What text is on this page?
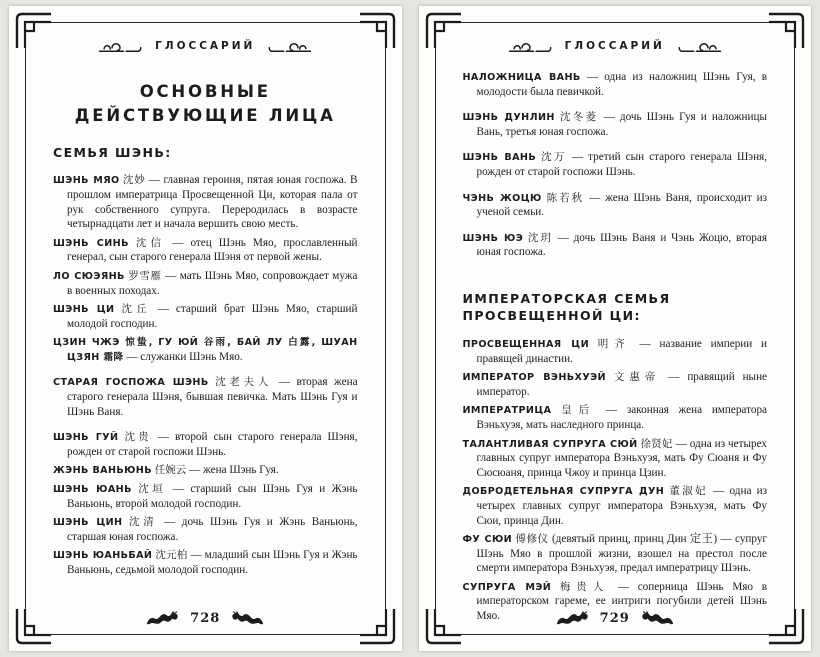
ГЛОССАРИЙ
ОСНОВНЫЕ
ДЕЙСТВУЮЩИЕ ЛИЦА
СЕМЬЯ ШЭНЬ:

ШЭНЬ МЯО 沈妙 — главная героиня, пятая юная госпожа. В прошлом императрица Просвещенной Ци, которая пала от рук собственного супруга. Переродилась в возрасте четырнадцати лет и начала вершить свою месть.

ШЭНЬ СИНЬ 沈信 — отец Шэнь Мяо, прославленный генерал, сын старого генерала Шэня от первой жены.

ЛО СЮЭЯНЬ 罗雪雁 — мать Шэнь Мяо, сопровождает мужа в военных походах.

ШЭНЬ ЦИ 沈丘 — старший брат Шэнь Мяо, старший молодой господин.

ЦЗИН ЧЖЭ 惊蛰, ГУ ЮЙ 谷雨, БАЙ ЛУ 白露, ШУАН ЦЗЯН 霜降 — служанки Шэнь Мяо.

СТАРАЯ ГОСПОЖА ШЭНЬ 沈老夫人 — вторая жена старого генерала Шэня, бывшая певичка. Мать Шэнь Гуя и Шэнь Ваня.

ШЭНЬ ГУЙ 沈贵 — второй сын старого генерала Шэня, рожден от старой госпожи Шэнь.

ЖЭНЬ ВАНЬЮНЬ 任婉云 — жена Шэнь Гуя.

ШЭНЬ ЮАНЬ 沈垣 — старший сын Шэнь Гуя и Жэнь Ваньюнь, второй молодой господин.

ШЭНЬ ЦИН 沈清 — дочь Шэнь Гуя и Жэнь Ваньюнь, старшая юная госпожа.

ШЭНЬ ЮАНЬБАЙ 沈元柏 — младший сын Шэнь Гуя и Жэнь Ваньюнь, седьмой молодой господин.

728
ГЛОССАРИЙ

НАЛОЖНИЦА ВАНЬ — одна из наложниц Шэнь Гуя, в молодости была певичкой.

ШЭНЬ ДУНЛИН 沈冬菱 — дочь Шэнь Гуя и наложницы Вань, третья юная госпожа.

ШЭНЬ ВАНЬ 沈万 — третий сын старого генерала Шэня, рожден от старой госпожи Шэнь.

ЧЭНЬ ЖОЦЮ 陈若秋 — жена Шэнь Ваня, происходит из ученой семьи.

ШЭНЬ ЮЭ 沈玥 — дочь Шэнь Ваня и Чэнь Жоцю, вторая юная госпожа.

ИМПЕРАТОРСКАЯ СЕМЬЯ ПРОСВЕЩЕННОЙ ЦИ:

ПРОСВЕЩЕННАЯ ЦИ 明齐 — название империи и правящей династии.

ИМПЕРАТОР ВЭНЬХУЭЙ 文惠帝 — правящий ныне император.

ИМПЕРАТРИЦА 皇后 — законная жена императора Вэньхуэя, мать наследного принца.

ТАЛАНТЛИВАЯ СУПРУГА СЮЙ 徐贤妃 — одна из четырех главных супруг императора Вэньхуэя, мать Фу Сюаня и Фу Сюсюаня, принца Чжоу и принца Цзин.

ДОБРОДЕТЕЛЬНАЯ СУПРУГА ДУН 董淑妃 — одна из четырех главных супруг императора Вэньхуэя, мать Фу Сюи, принца Дин.

ФУ СЮИ 傅修仪 (девятый принц, принц Дин 定王) — супруг Шэнь Мяо в прошлой жизни, взошел на престол после смерти императора Вэньхуэя, предал императрицу Шэнь.

СУПРУГА МЭЙ 梅贵人 — соперница Шэнь Мяо в императорском гареме, ее интриги погубили детей Шэнь Мяо.	729
